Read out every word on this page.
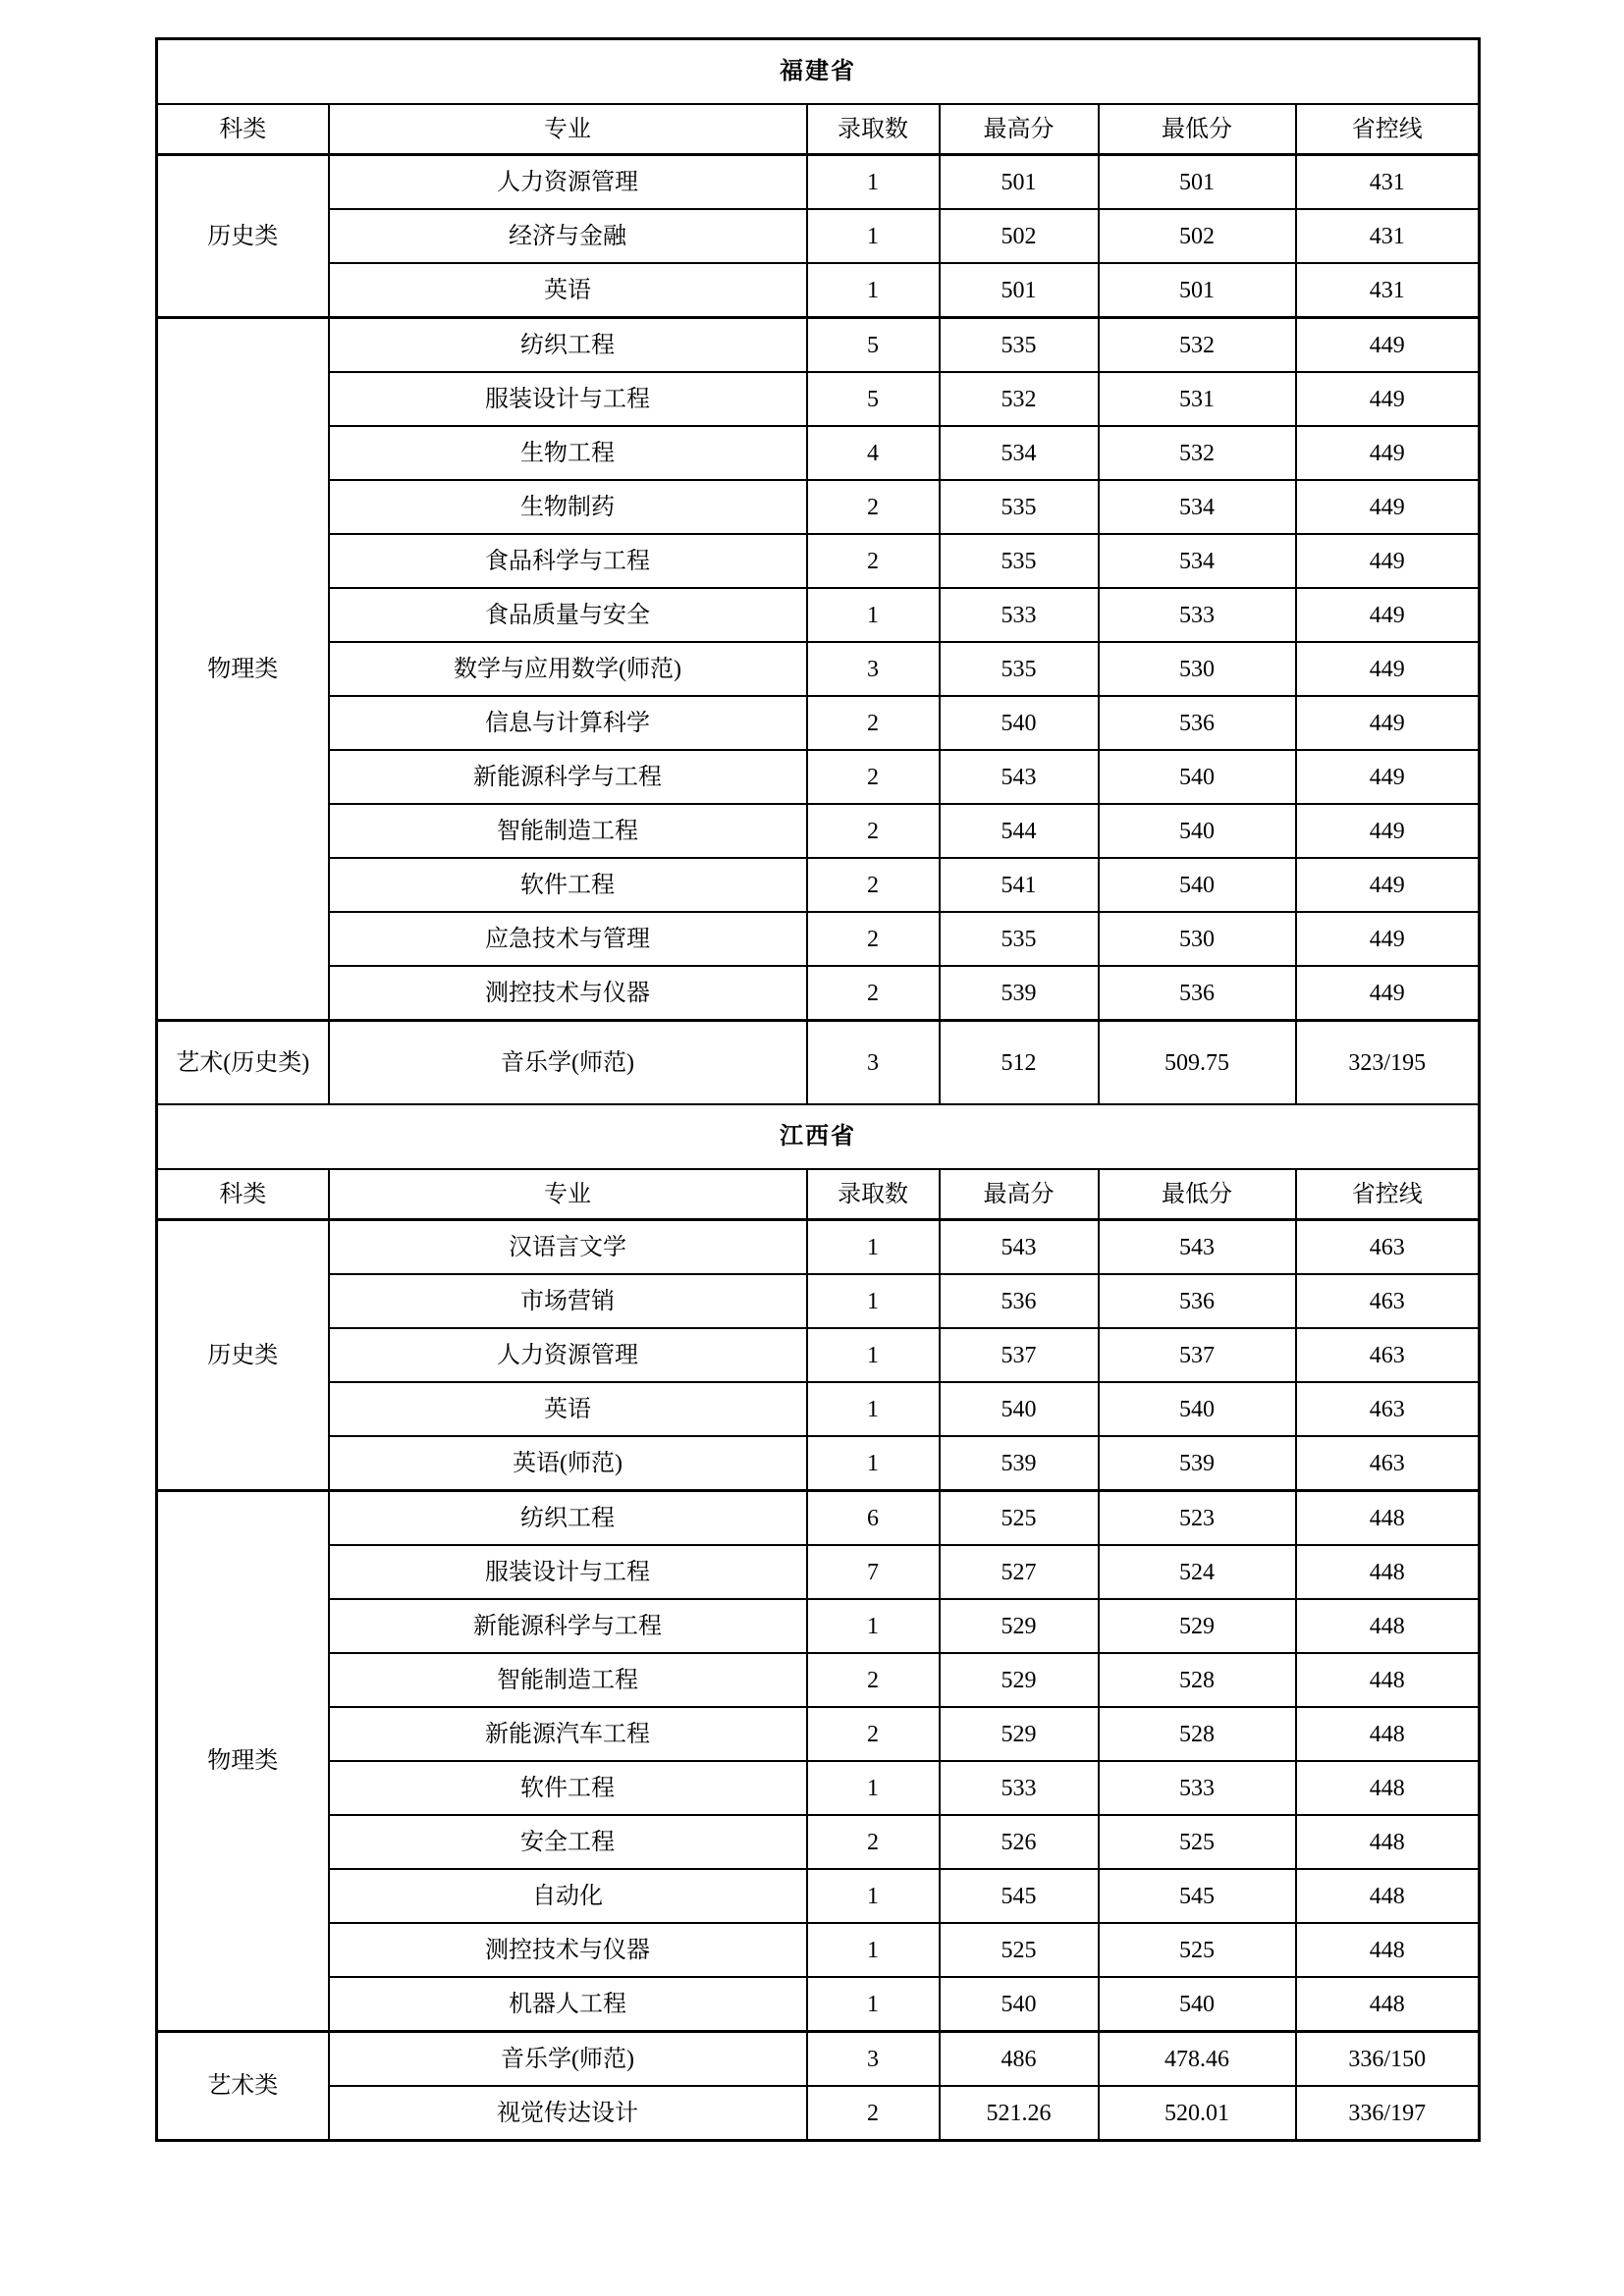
福建省					
科类	专业	录取数	最高分	最低分	省控线
历史类	人力资源管理	1	501	501	431
	经济与金融	1	502	502	431
	英语	1	501	501	431
物理类	纺织工程	5	535	532	449
	服装设计与工程	5	532	531	449
	生物工程	4	534	532	449
	生物制药	2	535	534	449
	食品科学与工程	2	535	534	449
	食品质量与安全	1	533	533	449
	数学与应用数学(师范)	3	535	530	449
	信息与计算科学	2	540	536	449
	新能源科学与工程	2	543	540	449
	智能制造工程	2	544	540	449
	软件工程	2	541	540	449
	应急技术与管理	2	535	530	449
	测控技术与仪器	2	539	536	449
艺术(历史类)	音乐学(师范)	3	512	509.75	323/195
江西省					
科类	专业	录取数	最高分	最低分	省控线
历史类	汉语言文学	1	543	543	463
	市场营销	1	536	536	463
	人力资源管理	1	537	537	463
	英语	1	540	540	463
	英语(师范)	1	539	539	463
物理类	纺织工程	6	525	523	448
	服装设计与工程	7	527	524	448
	新能源科学与工程	1	529	529	448
	智能制造工程	2	529	528	448
	新能源汽车工程	2	529	528	448
	软件工程	1	533	533	448
	安全工程	2	526	525	448
	自动化	1	545	545	448
	测控技术与仪器	1	525	525	448
	机器人工程	1	540	540	448
艺术类	音乐学(师范)	3	486	478.46	336/150
	视觉传达设计	2	521.26	520.01	336/197
